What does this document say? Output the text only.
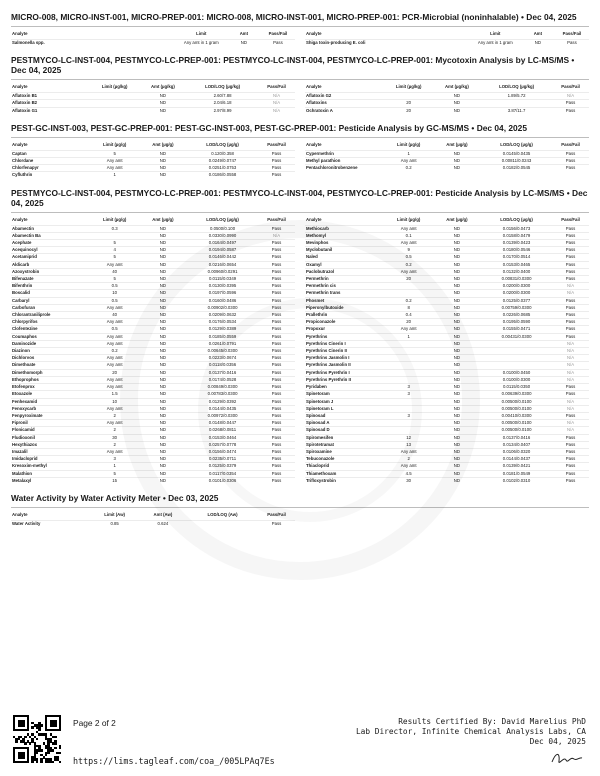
MICRO-008, MICRO-INST-001, MICRO-PREP-001: MICRO-008, MICRO-INST-001, MICRO-PREP-001: PCR-Microbial (noninhalable) • Dec 04, 2025
Analyte	Limit	Amt	Pass/Fail
Salmonella spp.	Any amt in 1 gram	ND	Pass
Analyte	Limit	Amt	Pass/Fail
Shiga toxin-producing E. coli	Any amt in 1 gram	ND	Pass
PESTMYCO-LC-INST-004, PESTMYCO-LC-PREP-001: PESTMYCO-LC-INST-004, PESTMYCO-LC-PREP-001: Mycotoxin Analysis by LC-MS/MS • Dec 04, 2025
Analyte	Limit (µg/kg)	Amt (µg/kg)	LOD/LOQ (µg/kg)	Pass/Fail
Aflatoxin B1		ND	2.60/7.88	N/A
Aflatoxin B2		ND	2.04/6.18	N/A
Aflatoxin G1		ND	2.97/8.99	N/A
Analyte	Limit (µg/kg)	Amt (µg/kg)	LOD/LOQ (µg/kg)	Pass/Fail
Aflatoxin G2		ND	1.89/5.72	N/A
Aflatoxins	20	ND		Pass
Ochratoxin A	20	ND	3.87/11.7	Pass
PEST-GC-INST-003, PEST-GC-PREP-001: PEST-GC-INST-003, PEST-GC-PREP-001: Pesticide Analysis by GC-MS/MS • Dec 04, 2025
Analyte	Limit (µg/g)	Amt (µg/g)	LOD/LOQ (µg/g)	Pass/Fail
Captan	5	ND	0.120/0.358	Pass
Chlordane	Any amt	ND	0.0249/0.0747	Pass
Chlorfenapyr	Any amt	ND	0.0251/0.0753	Pass
Cyfluthrin	1	ND	0.0186/0.0558	Pass
Analyte	Limit (µg/g)	Amt (µg/g)	LOD/LOQ (µg/g)	Pass/Fail
Cypermethrin	1	ND	0.0145/0.0435	Pass
Methyl parathion	Any amt	ND	0.00811/0.0243	Pass
Pentachloronitrobenzene	0.2	ND	0.0182/0.0545	Pass
PESTMYCO-LC-INST-004, PESTMYCO-LC-PREP-001: PESTMYCO-LC-INST-004, PESTMYCO-LC-PREP-001: Pesticide Analysis by LC-MS/MS • Dec 04, 2025
Analyte	Limit (µg/g)	Amt (µg/g)	LOD/LOQ (µg/g)	Pass/Fail
Abamectin	0.3	ND	0.0500/0.100	Pass
Abamectin Ba		ND	0.0330/0.0990	N/A
Acephate	5	ND	0.0164/0.0497	Pass
Acequinocyl	4	ND	0.0194/0.0587	Pass
Acetamiprid	5	ND	0.0146/0.0442	Pass
Aldicarb	Any amt	ND	0.0216/0.0654	Pass
Azoxystrobin	40	ND	0.00960/0.0291	Pass
Bifenazate	5	ND	0.0115/0.0349	Pass
Bifenthrin	0.5	ND	0.0130/0.0395	Pass
Boscalid	10	ND	0.0197/0.0596	Pass
Carbaryl	0.5	ND	0.0160/0.0486	Pass
Carbofuran	Any amt	ND	0.00902/0.0300	Pass
Chlorantraniliprole	40	ND	0.0209/0.0632	Pass
Chlorpyrifos	Any amt	ND	0.0176/0.0534	Pass
Clofentezine	0.5	ND	0.0129/0.0389	Pass
Coumaphos	Any amt	ND	0.0185/0.0559	Pass
Daminozide	Any amt	ND	0.0261/0.0791	Pass
Diazinon	0.2	ND	0.00645/0.0300	Pass
Dichlorvos	Any amt	ND	0.0223/0.0674	Pass
Dimethoate	Any amt	ND	0.0118/0.0356	Pass
Dimethomorph	20	ND	0.0137/0.0416	Pass
Ethoprophos	Any amt	ND	0.0174/0.0528	Pass
Etofenprox	Any amt	ND	0.00849/0.0300	Pass
Etoxazole	1.5	ND	0.00783/0.0300	Pass
Fenhexamid	10	ND	0.0129/0.0392	Pass
Fenoxycarb	Any amt	ND	0.0144/0.0435	Pass
Fenpyroximate	2	ND	0.00972/0.0300	Pass
Fipronil	Any amt	ND	0.0148/0.0447	Pass
Flonicamid	2	ND	0.0268/0.0811	Pass
Fludioxonil	30	ND	0.0153/0.0464	Pass
Hexythiazox	2	ND	0.0257/0.0778	Pass
Imazalil	Any amt	ND	0.0156/0.0474	Pass
Imidacloprid	3	ND	0.0235/0.0711	Pass
Kresoxim-methyl	1	ND	0.0125/0.0379	Pass
Malathion	5	ND	0.0117/0.0354	Pass
Metalaxyl	15	ND	0.0101/0.0306	Pass
Analyte	Limit (µg/g)	Amt (µg/g)	LOD/LOQ (µg/g)	Pass/Fail
Methiocarb	Any amt	ND	0.0156/0.0473	Pass
Methomyl	0.1	ND	0.0158/0.0479	Pass
Mevinphos	Any amt	ND	0.0139/0.0423	Pass
Myclobutanil	9	ND	0.0180/0.0546	Pass
Naled	0.5	ND	0.0170/0.0514	Pass
Oxamyl	0.2	ND	0.0153/0.0465	Pass
Paclobutrazol	Any amt	ND	0.0132/0.0400	Pass
Permethrin	20	ND	0.00831/0.0300	Pass
Permethrin cis		ND	0.0200/0.0300	N/A
Permethrin trans		ND	0.0200/0.0300	N/A
Phosmet	0.2	ND	0.0125/0.0377	Pass
Piperonylbutoxide	8	ND	0.00759/0.0300	Pass
Prallethrin	0.4	ND	0.0226/0.0685	Pass
Propiconazole	20	ND	0.0195/0.0590	Pass
Propoxur	Any amt	ND	0.0155/0.0471	Pass
Pyrethrins	1	ND	0.00431/0.0300	Pass
Pyrethrins Cinerin I		ND		N/A
Pyrethrins Cinerin II		ND		N/A
Pyrethrins Jasmolin I		ND		N/A
Pyrethrins Jasmolin II		ND		N/A
Pyrethrins Pyrethrin I		ND	0.0100/0.0450	N/A
Pyrethrins Pyrethrin II		ND	0.0100/0.0300	N/A
Pyridaben	3	ND	0.0115/0.0350	Pass
Spinetoram	3	ND	0.00639/0.0300	Pass
Spinetoram J		ND	0.00500/0.0100	N/A
Spinetoram L		ND	0.00500/0.0100	N/A
Spinosad	3	ND	0.00410/0.0300	Pass
Spinosad A		ND	0.00500/0.0100	N/A
Spinosad D		ND	0.00500/0.0100	N/A
Spiromesifen	12	ND	0.0137/0.0416	Pass
Spirotetramat	13	ND	0.0134/0.0407	Pass
Spiroxamine	Any amt	ND	0.0106/0.0320	Pass
Tebuconazole	2	ND	0.0144/0.0437	Pass
Thiacloprid	Any amt	ND	0.0139/0.0421	Pass
Thiamethoxam	4.5	ND	0.0181/0.0549	Pass
Trifloxystrobin	30	ND	0.0102/0.0310	Pass
Water Activity by Water Activity Meter • Dec 03, 2025
Analyte	Limit (Aw)	Amt (Aw)	LOD/LOQ (Aw)	Pass/Fail
Water Activity	0.85	0.624		Pass
Page 2 of 2
https://lims.tagleaf.com/coa_/005LPAq7Es
Results Certified By: David Marelius PhD
Lab Director, Infinite Chemical Analysis Labs, CA
Dec 04, 2025
